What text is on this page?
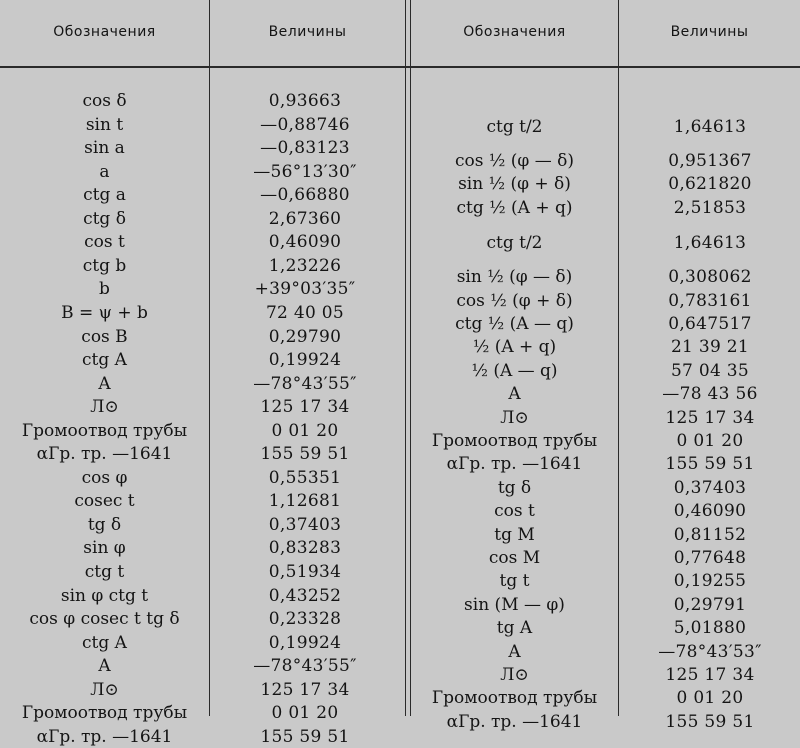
Обозначения	Величины	Обозначения	Величины
cos δ	0,93663
sin t	—0,88746
sin a	—0,83123
a	—56°13′30″
ctg a	—0,66880
ctg δ	2,67360
cos t	0,46090
ctg b	1,23226
b	+39°03′35″
B = ψ + b	72 40 05
cos B	0,29790
ctg A	0,19924
A	—78°43′55″
Л⊙	125 17 34
Громоотвод трубы	0 01 20
αГр. тр. —1641	155 59 51
cos φ	0,55351
cosec t	1,12681
tg δ	0,37403
sin φ	0,83283
ctg t	0,51934
sin φ ctg t	0,43252
cos φ cosec t tg δ	0,23328
ctg A	0,19924
A	—78°43′55″
Л⊙	125 17 34
Громоотвод трубы	0 01 20
αГр. тр. —1641	155 59 51
ctg t/2	1,64613
cos ½ (φ — δ)	0,951367
sin ½ (φ + δ)	0,621820
ctg ½ (A + q)	2,51853
ctg t/2	1,64613
sin ½ (φ — δ)	0,308062
cos ½ (φ + δ)	0,783161
ctg ½ (A — q)	0,647517
½ (A + q)	21 39 21
½ (A — q)	57 04 35
A	—78 43 56
Л⊙	125 17 34
Громоотвод трубы	0 01 20
αГр. тр. —1641	155 59 51
tg δ	0,37403
cos t	0,46090
tg M	0,81152
cos M	0,77648
tg t	0,19255
sin (M — φ)	0,29791
tg A	5,01880
A	—78°43′53″
Л⊙	125 17 34
Громоотвод трубы	0 01 20
αГр. тр. —1641	155 59 51
